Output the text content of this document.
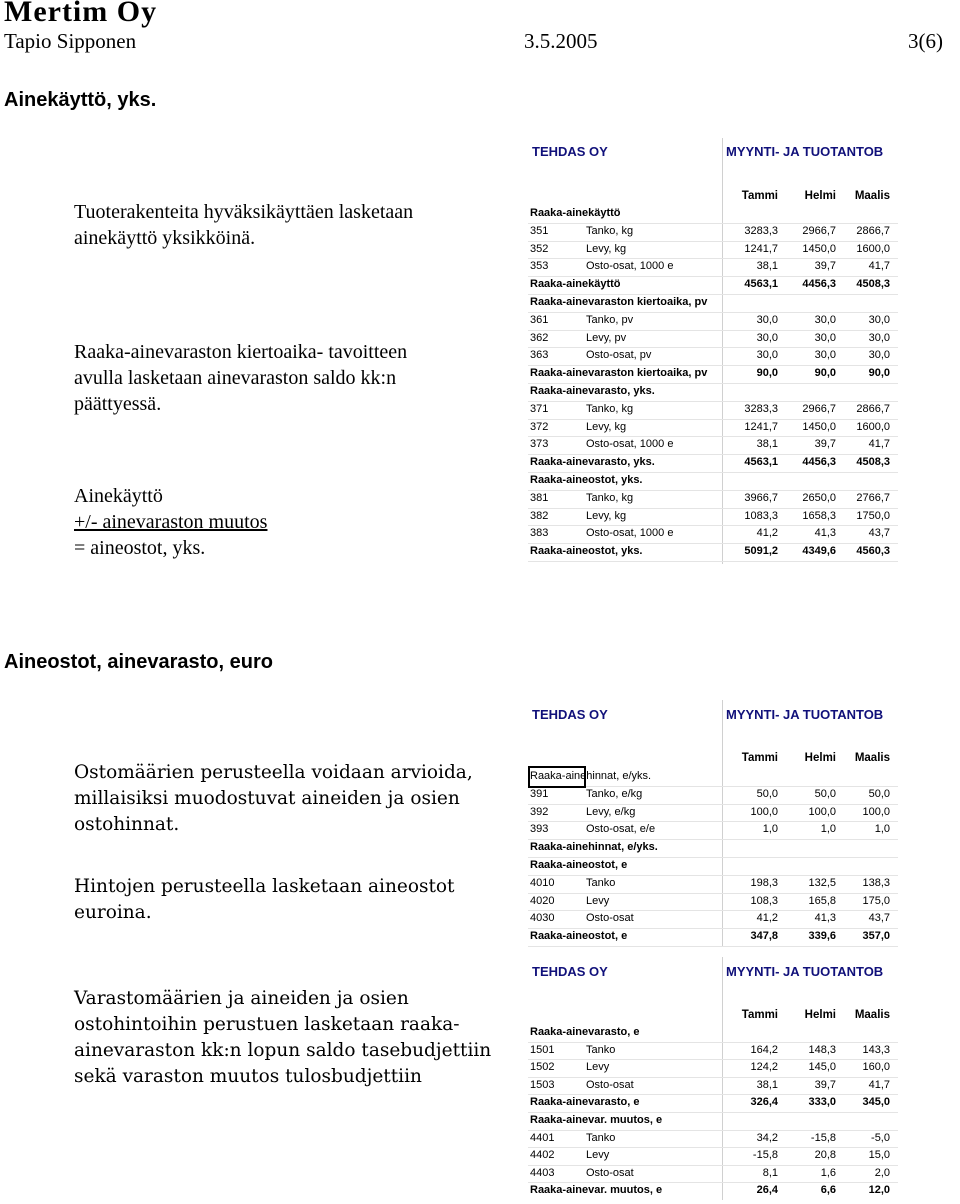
Mertim Oy
Tapio Sipponen	3.5.2005	3(6)
Ainekäyttö, yks.
Tuoterakenteita hyväksikäyttäen lasketaan
ainekäyttö yksikköinä.
Raaka-ainevaraston kiertoaika- tavoitteen
avulla lasketaan ainevaraston saldo kk:n
päättyessä.
Ainekäyttö
+/- ainevaraston muutos
= aineostot, yks.
Aineostot, ainevarasto, euro
Ostomäärien perusteella voidaan arvioida,
millaisiksi muodostuvat aineiden ja osien
ostohinnat.
Hintojen perusteella lasketaan aineostot
euroina.
Varastomäärien ja aineiden ja osien
ostohintoihin perustuen lasketaan raaka-
ainevaraston kk:n lopun saldo tasebudjettiin
sekä varaston muutos tulosbudjettiin
TEHDAS OY	MYYNTI- JA TUOTANTOB
Tammi	Helmi	Maalis
Raaka-ainekäyttö
351	Tanko, kg	3283,3	2966,7	2866,7
352	Levy, kg	1241,7	1450,0	1600,0
353	Osto-osat, 1000 e	38,1	39,7	41,7
Raaka-ainekäyttö	4563,1	4456,3	4508,3
Raaka-ainevaraston kiertoaika, pv
361	Tanko, pv	30,0	30,0	30,0
362	Levy, pv	30,0	30,0	30,0
363	Osto-osat, pv	30,0	30,0	30,0
Raaka-ainevaraston kiertoaika, pv	90,0	90,0	90,0
Raaka-ainevarasto, yks.
371	Tanko, kg	3283,3	2966,7	2866,7
372	Levy, kg	1241,7	1450,0	1600,0
373	Osto-osat, 1000 e	38,1	39,7	41,7
Raaka-ainevarasto, yks.	4563,1	4456,3	4508,3
Raaka-aineostot, yks.
381	Tanko, kg	3966,7	2650,0	2766,7
382	Levy, kg	1083,3	1658,3	1750,0
383	Osto-osat, 1000 e	41,2	41,3	43,7
Raaka-aineostot, yks.	5091,2	4349,6	4560,3
TEHDAS OY	MYYNTI- JA TUOTANTOB
Tammi	Helmi	Maalis
Raaka-ainehinnat, e/yks.
391	Tanko, e/kg	50,0	50,0	50,0
392	Levy, e/kg	100,0	100,0	100,0
393	Osto-osat, e/e	1,0	1,0	1,0
Raaka-ainehinnat, e/yks.
Raaka-aineostot, e
4010	Tanko	198,3	132,5	138,3
4020	Levy	108,3	165,8	175,0
4030	Osto-osat	41,2	41,3	43,7
Raaka-aineostot, e	347,8	339,6	357,0
TEHDAS OY	MYYNTI- JA TUOTANTOB
Tammi	Helmi	Maalis
Raaka-ainevarasto, e
1501	Tanko	164,2	148,3	143,3
1502	Levy	124,2	145,0	160,0
1503	Osto-osat	38,1	39,7	41,7
Raaka-ainevarasto, e	326,4	333,0	345,0
Raaka-ainevar. muutos, e
4401	Tanko	34,2	-15,8	-5,0
4402	Levy	-15,8	20,8	15,0
4403	Osto-osat	8,1	1,6	2,0
Raaka-ainevar. muutos, e	26,4	6,6	12,0
